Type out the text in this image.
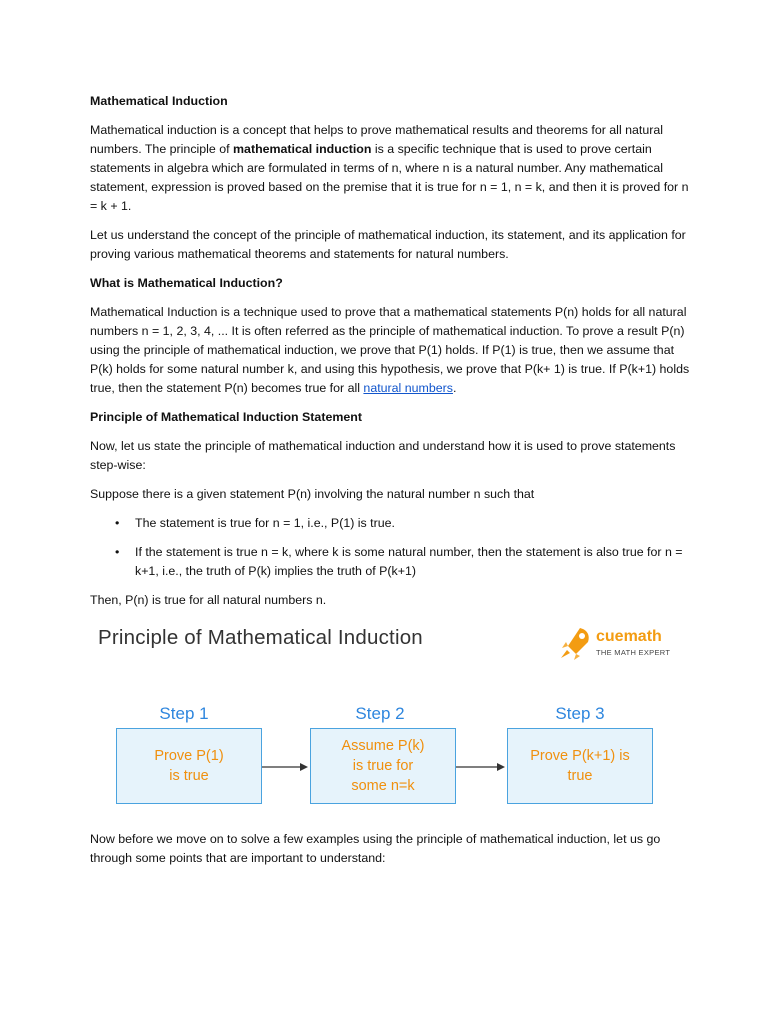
Mathematical Induction

Mathematical induction is a concept that helps to prove mathematical results and theorems for all natural numbers. The principle of mathematical induction is a specific technique that is used to prove certain statements in algebra which are formulated in terms of n, where n is a natural number. Any mathematical statement, expression is proved based on the premise that it is true for n = 1, n = k, and then it is proved for n = k + 1.

Let us understand the concept of the principle of mathematical induction, its statement, and its application for proving various mathematical theorems and statements for natural numbers.

What is Mathematical Induction?

Mathematical Induction is a technique used to prove that a mathematical statements P(n) holds for all natural numbers n = 1, 2, 3, 4, ... It is often referred as the principle of mathematical induction. To prove a result P(n) using the principle of mathematical induction, we prove that P(1) holds. If P(1) is true, then we assume that P(k) holds for some natural number k, and using this hypothesis, we prove that P(k+ 1) is true. If P(k+1) holds true, then the statement P(n) becomes true for all natural numbers.

Principle of Mathematical Induction Statement

Now, let us state the principle of mathematical induction and understand how it is used to prove statements step-wise:

Suppose there is a given statement P(n) involving the natural number n such that

• The statement is true for n = 1, i.e., P(1) is true.
• If the statement is true n = k, where k is some natural number, then the statement is also true for n = k+1, i.e., the truth of P(k) implies the truth of P(k+1)

Then, P(n) is true for all natural numbers n.

Principle of Mathematical Induction	cuemath
THE MATH EXPERT
Step 1	Step 2	Step 3
Prove P(1)
is true
Assume P(k)
is true for
some n=k
Prove P(k+1) is
true

Now before we move on to solve a few examples using the principle of mathematical induction, let us go through some points that are important to understand:
